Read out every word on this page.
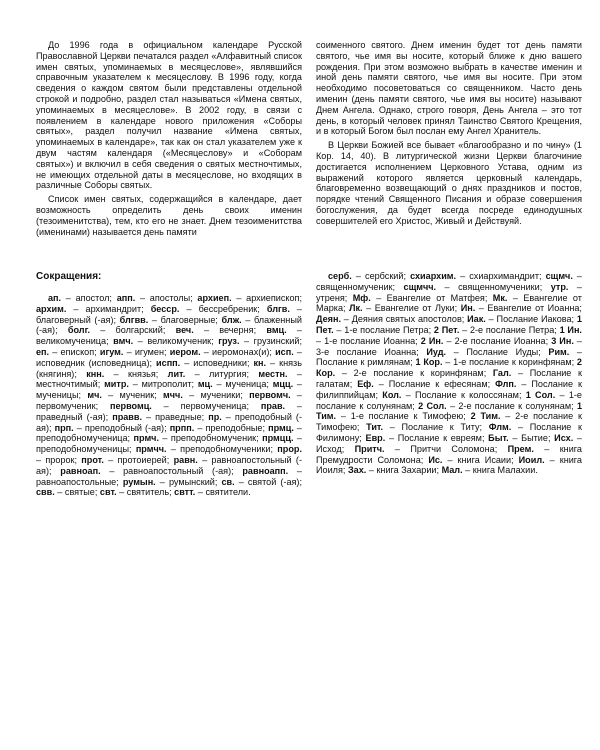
До 1996 года в официальном календаре Русской Православной Церкви печатался раздел «Алфавитный список имен святых, упоминаемых в месяцеслове», являвшийся справочным указателем к месяцеслову. В 1996 году, когда сведения о каждом святом были представлены отдельной строкой и подробно, раздел стал называться «Имена святых, упоминаемых в месяцеслове». В 2002 году, в связи с появлением в календаре нового приложения «Соборы святых», раздел получил название «Имена святых, упоминаемых в календаре», так как он стал указателем уже к двум частям календаря («Месяцеслову» и «Соборам святых») и включил в себя сведения о святых местночтимых, не имеющих отдельной даты в месяцеслове, но входящих в различные Соборы святых.

Список имен святых, содержащийся в календаре, дает возможность определить день своих именин (тезоименитства), тем, кто его не знает. Днем тезоименитства (именинами) называется день памяти

соименного святого. Днем именин будет тот день памяти святого, чье имя вы носите, который ближе к дню вашего рождения. При этом возможно выбрать в качестве именин и иной день памяти святого, чье имя вы носите. При этом необходимо посоветоваться со священником. Часто день именин (день памяти святого, чье имя вы носите) называют Днем Ангела. Однако, строго говоря, День Ангела – это тот день, в который человек принял Таинство Святого Крещения, и в который Богом был послан ему Ангел Хранитель.

В Церкви Божией все бывает «благообразно и по чину» (1 Кор. 14, 40). В литургической жизни Церкви благочиние достигается исполнением Церковного Устава, одним из выражений которого является церковный календарь, благовременно возвещающий о днях праздников и постов, порядке чтений Священного Писания и образе совершения богослужения, да будет всегда посреде единодушных совершителей его Христос, Живый и Действуяй.

Сокращения:

ап. – апостол; апп. – апостолы; архиеп. – архиепископ; архим. – архимандрит; бесср. – бессребреник; блгв. – благоверный (-ая); блгвв. – благоверные; блж. – блаженный (-ая); болг. – болгарский; веч. – вечерня; вмц. – великомученица; вмч. – великомученик; груз. – грузинский; еп. – епископ; игум. – игумен; иером. – иеромонах(и); исп. – исповедник (исповедница); испп. – исповедники; кн. – князь (княгиня); кнн. – князья; лит. – литургия; местн. – местночтимый; митр. – митрополит; мц. – мученица; мцц. – мученицы; мч. – мученик; мчч. – мученики; первомч. – первомученик; первомц. – первомученица; прав. – праведный (-ая); правв. – праведные; пр. – преподобный (-ая); прп. – преподобный (-ая); прпп. – преподобные; прмц. – преподобномученица; прмч. – преподобномученик; прмцц. – преподобномученицы; прмчч. – преподобномученики; прор. – пророк; прот. – протоиерей; равн. – равноапостольный (-ая); равноап. – равноапостольный (-ая); равноапп. – равноапостольные; румын. – румынский; св. – святой (-ая); свв. – святые; свт. – святитель; свтт. – святители.

серб. – сербский; схиархим. – схиархимандрит; сщмч. – священномученик; сщмчч. – священномученики; утр. – утреня; Мф. – Евангелие от Матфея; Мк. – Евангелие от Марка; Лк. – Евангелие от Луки; Ин. – Евангелие от Иоанна; Деян. – Деяния святых апостолов; Иак. – Послание Иакова; 1 Пет. – 1-е послание Петра; 2 Пет. – 2-е послание Петра; 1 Ин. – 1-е послание Иоанна; 2 Ин. – 2-е послание Иоанна; 3 Ин. – 3-е послание Иоанна; Иуд. – Послание Иуды; Рим. – Послание к римлянам; 1 Кор. – 1-е послание к коринфянам; 2 Кор. – 2-е послание к коринфянам; Гал. – Послание к галатам; Еф. – Послание к ефесянам; Флп. – Послание к филиппийцам; Кол. – Послание к колоссянам; 1 Сол. – 1-е послание к солунянам; 2 Сол. – 2-е послание к солунянам; 1 Тим. – 1-е послание к Тимофею; 2 Тим. – 2-е послание к Тимофею; Тит. – Послание к Титу; Флм. – Послание к Филимону; Евр. – Послание к евреям; Быт. – Бытие; Исх. – Исход; Притч. – Притчи Соломона; Прем. – книга Премудрости Соломона; Ис. – книга Исаии; Иоил. – книга Иоиля; Зах. – книга Захарии; Мал. – книга Малахии.
